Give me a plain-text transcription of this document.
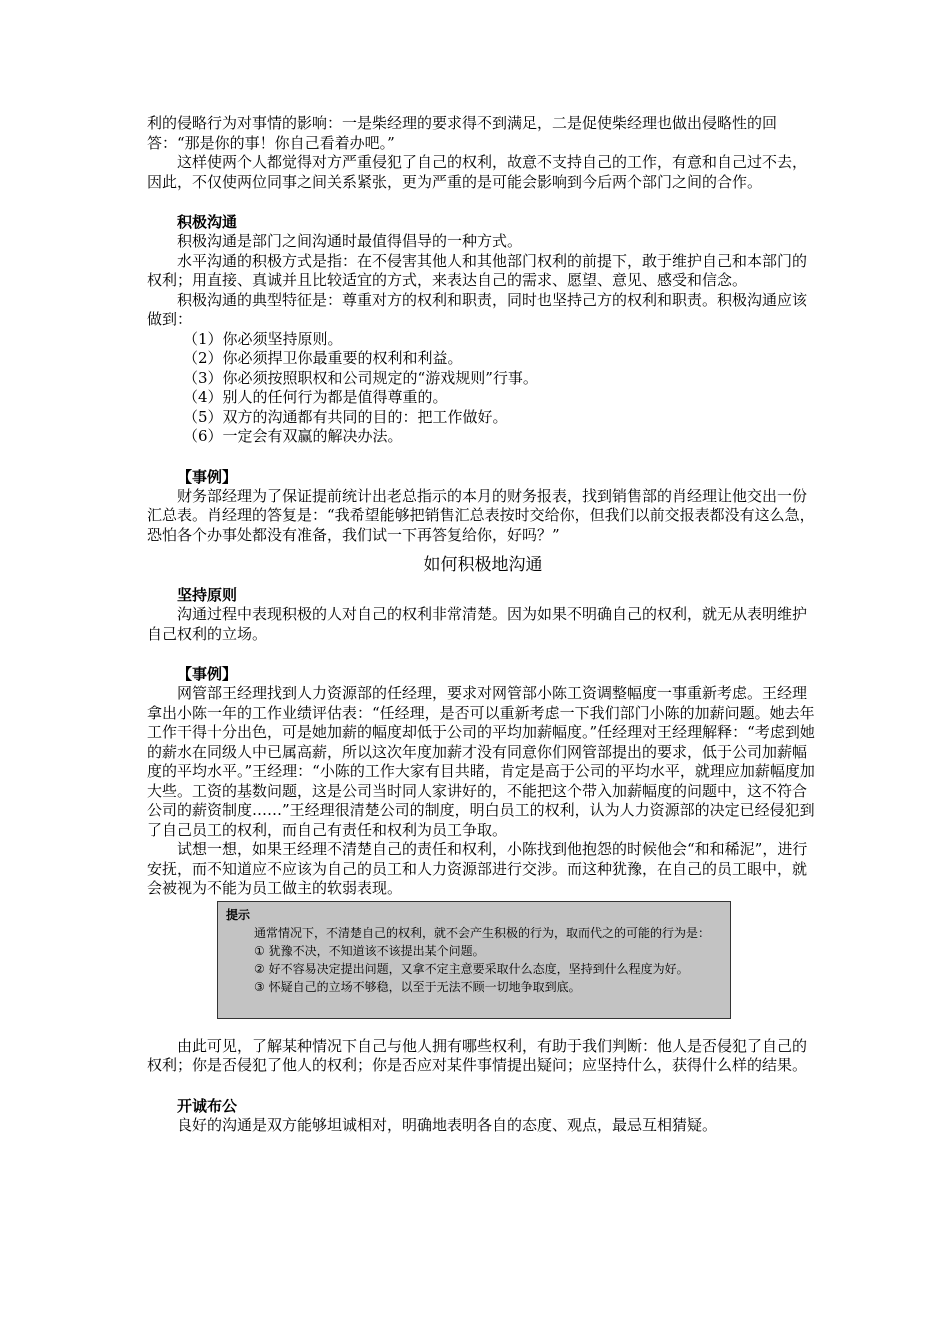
利的侵略行为对事情的影响：一是柴经理的要求得不到满足，二是促使柴经理也做出侵略性的回答：“那是你的事！你自己看着办吧。”

这样使两个人都觉得对方严重侵犯了自己的权利，故意不支持自己的工作，有意和自己过不去，因此，不仅使两位同事之间关系紧张，更为严重的是可能会影响到今后两个部门之间的合作。

积极沟通

积极沟通是部门之间沟通时最值得倡导的一种方式。

水平沟通的积极方式是指：在不侵害其他人和其他部门权利的前提下，敢于维护自己和本部门的权利；用直接、真诚并且比较适宜的方式，来表达自己的需求、愿望、意见、感受和信念。

积极沟通的典型特征是：尊重对方的权利和职责，同时也坚持己方的权利和职责。积极沟通应该做到：

（1）你必须坚持原则。

（2）你必须捍卫你最重要的权利和利益。

（3）你必须按照职权和公司规定的“游戏规则”行事。

（4）别人的任何行为都是值得尊重的。

（5）双方的沟通都有共同的目的：把工作做好。

（6）一定会有双赢的解决办法。

【事例】

财务部经理为了保证提前统计出老总指示的本月的财务报表，找到销售部的肖经理让他交出一份汇总表。肖经理的答复是：“我希望能够把销售汇总表按时交给你，但我们以前交报表都没有这么急，恐怕各个办事处都没有准备，我们试一下再答复给你，好吗？”

如何积极地沟通

坚持原则

沟通过程中表现积极的人对自己的权利非常清楚。因为如果不明确自己的权利，就无从表明维护自己权利的立场。

【事例】

网管部王经理找到人力资源部的任经理，要求对网管部小陈工资调整幅度一事重新考虑。王经理拿出小陈一年的工作业绩评估表：“任经理，是否可以重新考虑一下我们部门小陈的加薪问题。她去年工作干得十分出色，可是她加薪的幅度却低于公司的平均加薪幅度。”任经理对王经理解释：“考虑到她的薪水在同级人中已属高薪，所以这次年度加薪才没有同意你们网管部提出的要求，低于公司加薪幅度的平均水平。”王经理：“小陈的工作大家有目共睹，肯定是高于公司的平均水平，就理应加薪幅度加大些。工资的基数问题，这是公司当时同人家讲好的，不能把这个带入加薪幅度的问题中，这不符合公司的薪资制度……”王经理很清楚公司的制度，明白员工的权利，认为人力资源部的决定已经侵犯到了自己员工的权利，而自己有责任和权利为员工争取。

试想一想，如果王经理不清楚自己的责任和权利，小陈找到他抱怨的时候他会“和和稀泥”，进行安抚，而不知道应不应该为自己的员工和人力资源部进行交涉。而这种犹豫，在自己的员工眼中，就会被视为不能为员工做主的软弱表现。

提示

通常情况下，不清楚自己的权利，就不会产生积极的行为，取而代之的可能的行为是：

① 犹豫不决，不知道该不该提出某个问题。

② 好不容易决定提出问题，又拿不定主意要采取什么态度，坚持到什么程度为好。

③ 怀疑自己的立场不够稳，以至于无法不顾一切地争取到底。

由此可见，了解某种情况下自己与他人拥有哪些权利，有助于我们判断：他人是否侵犯了自己的权利；你是否侵犯了他人的权利；你是否应对某件事情提出疑问；应坚持什么，获得什么样的结果。

开诚布公

良好的沟通是双方能够坦诚相对，明确地表明各自的态度、观点，最忌互相猜疑。
